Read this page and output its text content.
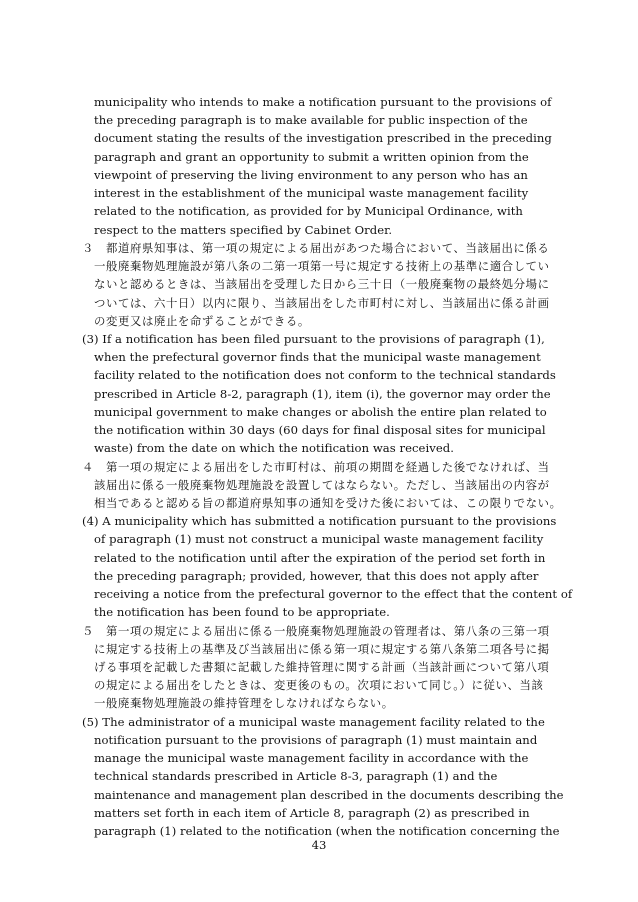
municipality who intends to make a notification pursuant to the provisions of
the preceding paragraph is to make available for public inspection of the
document stating the results of the investigation prescribed in the preceding
paragraph and grant an opportunity to submit a written opinion from the
viewpoint of preserving the living environment to any person who has an
interest in the establishment of the municipal waste management facility
related to the notification, as provided for by Municipal Ordinance, with
respect to the matters specified by Cabinet Order.
３　都道府県知事は、第一項の規定による届出があつた場合において、当該届出に係る
一般廃棄物処理施設が第八条の二第一項第一号に規定する技術上の基準に適合してい
ないと認めるときは、当該届出を受理した日から三十日（一般廃棄物の最終処分場に
ついては、六十日）以内に限り、当該届出をした市町村に対し、当該届出に係る計画
の変更又は廃止を命ずることができる。
(3) If a notification has been filed pursuant to the provisions of paragraph (1),
when the prefectural governor finds that the municipal waste management
facility related to the notification does not conform to the technical standards
prescribed in Article 8-2, paragraph (1), item (i), the governor may order the
municipal government to make changes or abolish the entire plan related to
the notification within 30 days (60 days for final disposal sites for municipal
waste) from the date on which the notification was received.
４　第一項の規定による届出をした市町村は、前項の期間を経過した後でなければ、当
該届出に係る一般廃棄物処理施設を設置してはならない。ただし、当該届出の内容が
相当であると認める旨の都道府県知事の通知を受けた後においては、この限りでない。
(4) A municipality which has submitted a notification pursuant to the provisions
of paragraph (1) must not construct a municipal waste management facility
related to the notification until after the expiration of the period set forth in
the preceding paragraph; provided, however, that this does not apply after
receiving a notice from the prefectural governor to the effect that the content of
the notification has been found to be appropriate.
５　第一項の規定による届出に係る一般廃棄物処理施設の管理者は、第八条の三第一項
に規定する技術上の基準及び当該届出に係る第一項に規定する第八条第二項各号に掲
げる事項を記載した書類に記載した維持管理に関する計画（当該計画について第八項
の規定による届出をしたときは、変更後のもの。次項において同じ。）に従い、当該
一般廃棄物処理施設の維持管理をしなければならない。
(5) The administrator of a municipal waste management facility related to the
notification pursuant to the provisions of paragraph (1) must maintain and
manage the municipal waste management facility in accordance with the
technical standards prescribed in Article 8-3, paragraph (1) and the
maintenance and management plan described in the documents describing the
matters set forth in each item of Article 8, paragraph (2) as prescribed in
paragraph (1) related to the notification (when the notification concerning the
43
